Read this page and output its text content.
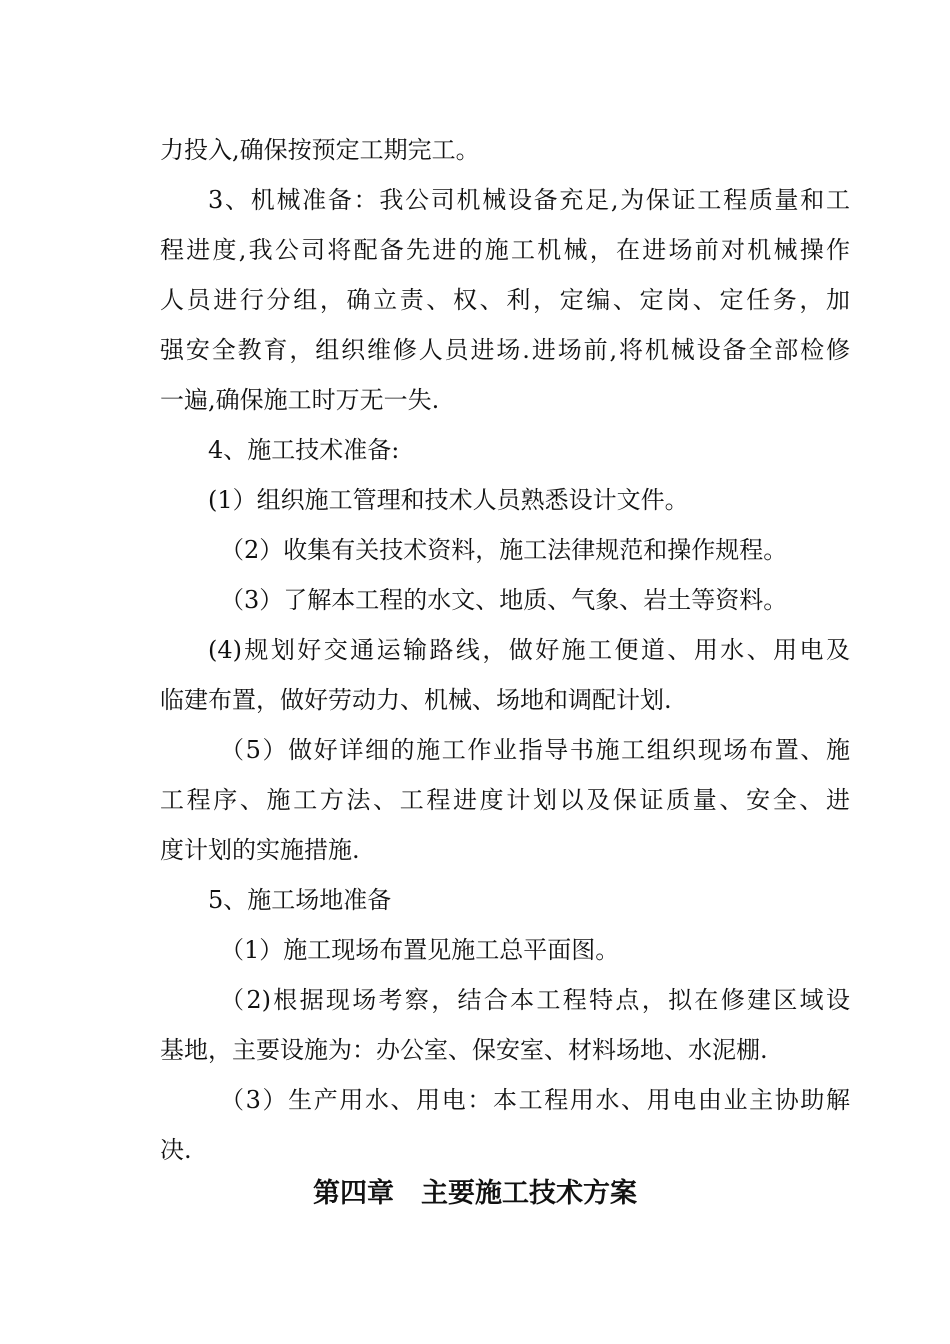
力投入,确保按预定工期完工。
3、机械准备：我公司机械设备充足,为保证工程质量和工
程进度,我公司将配备先进的施工机械，在进场前对机械操作
人员进行分组，确立责、权、利，定编、定岗、定任务，加
强安全教育，组织维修人员进场.进场前,将机械设备全部检修
一遍,确保施工时万无一失.
4、施工技术准备:
(1）组织施工管理和技术人员熟悉设计文件。
（2）收集有关技术资料，施工法律规范和操作规程。
（3）了解本工程的水文、地质、气象、岩土等资料。
(4)规划好交通运输路线，做好施工便道、用水、用电及
临建布置，做好劳动力、机械、场地和调配计划.
（5）做好详细的施工作业指导书施工组织现场布置、施
工程序、施工方法、工程进度计划以及保证质量、安全、进
度计划的实施措施.
5、施工场地准备
（1）施工现场布置见施工总平面图。
（2)根据现场考察，结合本工程特点，拟在修建区域设
基地，主要设施为：办公室、保安室、材料场地、水泥棚.
（3）生产用水、用电：本工程用水、用电由业主协助解
决.
第四章　主要施工技术方案
